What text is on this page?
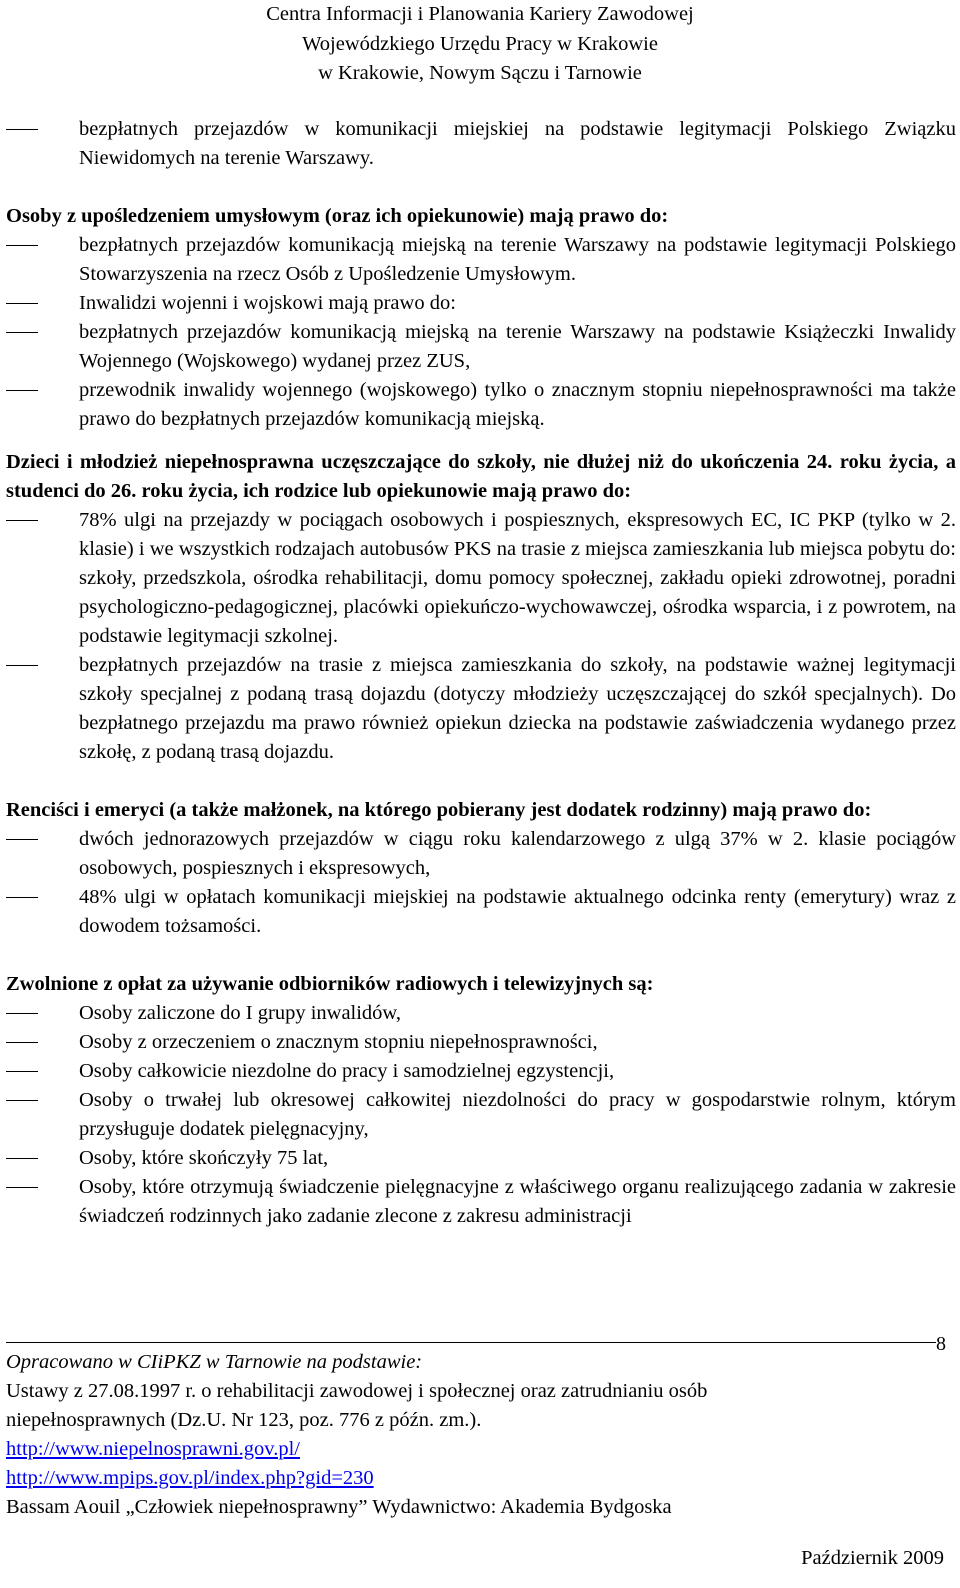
Centra Informacji i Planowania Kariery Zawodowej
Wojewódzkiego Urzędu Pracy w Krakowie
w Krakowie, Nowym Sączu i Tarnowie
bezpłatnych przejazdów w komunikacji miejskiej na podstawie legitymacji Polskiego Związku Niewidomych na terenie Warszawy.
Osoby z upośledzeniem umysłowym (oraz ich opiekunowie) mają prawo do:
bezpłatnych przejazdów komunikacją miejską na terenie Warszawy na podstawie legitymacji Polskiego Stowarzyszenia na rzecz Osób z Upośledzenie Umysłowym.
Inwalidzi wojenni i wojskowi mają prawo do:
bezpłatnych przejazdów komunikacją miejską na terenie Warszawy na podstawie Książeczki Inwalidy Wojennego (Wojskowego) wydanej przez ZUS,
przewodnik inwalidy wojennego (wojskowego) tylko o znacznym stopniu niepełnosprawności ma także prawo do bezpłatnych przejazdów komunikacją miejską.
Dzieci i młodzież niepełnosprawna uczęszczające do szkoły, nie dłużej niż do ukończenia 24. roku życia, a studenci do 26. roku życia, ich rodzice lub opiekunowie mają prawo do:
78% ulgi na przejazdy w pociągach osobowych i pospiesznych, ekspresowych EC, IC PKP (tylko w 2. klasie) i we wszystkich rodzajach autobusów PKS na trasie z miejsca zamieszkania lub miejsca pobytu do: szkoły, przedszkola, ośrodka rehabilitacji, domu pomocy społecznej, zakładu opieki zdrowotnej, poradni psychologiczno-pedagogicznej, placówki opiekuńczo-wychowawczej, ośrodka wsparcia, i z powrotem, na podstawie legitymacji szkolnej.
bezpłatnych przejazdów na trasie z miejsca zamieszkania do szkoły, na podstawie ważnej legitymacji szkoły specjalnej z podaną trasą dojazdu (dotyczy młodzieży uczęszczającej do szkół specjalnych). Do bezpłatnego przejazdu ma prawo również opiekun dziecka na podstawie zaświadczenia wydanego przez szkołę, z podaną trasą dojazdu.
Renciści i emeryci (a także małżonek, na którego pobierany jest dodatek rodzinny) mają prawo do:
dwóch jednorazowych przejazdów w ciągu roku kalendarzowego z ulgą 37% w 2. klasie pociągów osobowych, pospiesznych i ekspresowych,
48% ulgi w opłatach komunikacji miejskiej na podstawie aktualnego odcinka renty (emerytury) wraz z dowodem tożsamości.
Zwolnione z opłat za używanie odbiorników radiowych i telewizyjnych są:
Osoby zaliczone do I grupy inwalidów,
Osoby z orzeczeniem o znacznym stopniu niepełnosprawności,
Osoby całkowicie niezdolne do pracy i samodzielnej egzystencji,
Osoby o trwałej lub okresowej całkowitej niezdolności do pracy w gospodarstwie rolnym, którym przysługuje dodatek pielęgnacyjny,
Osoby, które skończyły 75 lat,
Osoby, które otrzymują świadczenie pielęgnacyjne z właściwego organu realizującego zadania w zakresie świadczeń rodzinnych jako zadanie zlecone z zakresu administracji
8
Opracowano w CIiPKZ w Tarnowie na podstawie:
Ustawy z 27.08.1997 r. o rehabilitacji zawodowej i społecznej oraz zatrudnianiu osób
niepełnosprawnych (Dz.U. Nr 123, poz. 776 z późn. zm.).
http://www.niepelnosprawni.gov.pl/
http://www.mpips.gov.pl/index.php?gid=230
Bassam Aouil „Człowiek niepełnosprawny” Wydawnictwo: Akademia Bydgoska
Październik 2009
